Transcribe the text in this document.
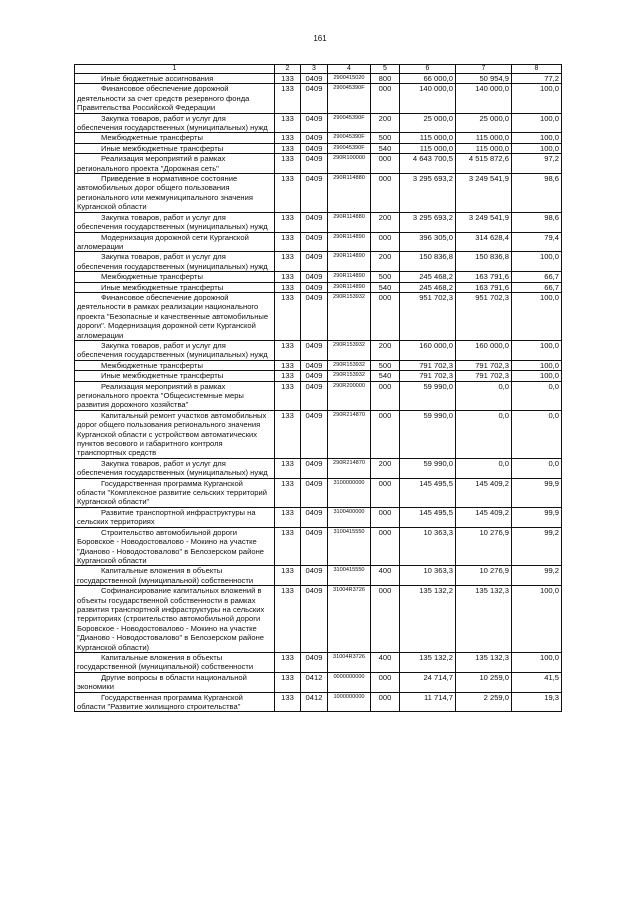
161
1	2	3	4	5	6	7	8
Иные бюджетные ассигнования	133	0409	2900415020	800	66 000,0	50 954,9	77,2
Финансовое обеспечение дорожной деятельности за счет средств резервного фонда Правительства Российской Федерации	133	0409	290045390F	000	140 000,0	140 000,0	100,0
Закупка товаров, работ и услуг для обеспечения государственных (муниципальных) нужд	133	0409	290045390F	200	25 000,0	25 000,0	100,0
Межбюджетные трансферты	133	0409	290045390F	500	115 000,0	115 000,0	100,0
Иные межбюджетные трансферты	133	0409	290045390F	540	115 000,0	115 000,0	100,0
Реализация мероприятий в рамках регионального проекта "Дорожная сеть"	133	0409	290R100000	000	4 643 700,5	4 515 872,6	97,2
Приведение в нормативное состояние автомобильных дорог общего пользования регионального или межмуниципального значения Курганской области	133	0409	290R114880	000	3 295 693,2	3 249 541,9	98,6
Закупка товаров, работ и услуг для обеспечения государственных (муниципальных) нужд	133	0409	290R114880	200	3 295 693,2	3 249 541,9	98,6
Модернизация дорожной сети Курганской агломерации	133	0409	290R114890	000	396 305,0	314 628,4	79,4
Закупка товаров, работ и услуг для обеспечения государственных (муниципальных) нужд	133	0409	290R114890	200	150 836,8	150 836,8	100,0
Межбюджетные трансферты	133	0409	290R114890	500	245 468,2	163 791,6	66,7
Иные межбюджетные трансферты	133	0409	290R114890	540	245 468,2	163 791,6	66,7
Финансовое обеспечение дорожной деятельности в рамках реализации национального проекта "Безопасные и качественные автомобильные дороги". Модернизация дорожной сети Курганской агломерации	133	0409	290R153932	000	951 702,3	951 702,3	100,0
Закупка товаров, работ и услуг для обеспечения государственных (муниципальных) нужд	133	0409	290R153932	200	160 000,0	160 000,0	100,0
Межбюджетные трансферты	133	0409	290R153932	500	791 702,3	791 702,3	100,0
Иные межбюджетные трансферты	133	0409	290R153932	540	791 702,3	791 702,3	100,0
Реализация мероприятий в рамках регионального проекта "Общесистемные меры развития дорожного хозяйства"	133	0409	290R200000	000	59 990,0	0,0	0,0
Капитальный ремонт участков автомобильных дорог общего пользования регионального значения Курганской области с устройством автоматических пунктов весового и габаритного контроля транспортных средств	133	0409	290R214870	000	59 990,0	0,0	0,0
Закупка товаров, работ и услуг для обеспечения государственных (муниципальных) нужд	133	0409	290R214870	200	59 990,0	0,0	0,0
Государственная программа Курганской области "Комплексное развитие сельских территорий Курганской области"	133	0409	3100000000	000	145 495,5	145 409,2	99,9
Развитие транспортной инфраструктуры на сельских территориях	133	0409	3100400000	000	145 495,5	145 409,2	99,9
Строительство автомобильной дороги Боровское - Новодостовалово - Мокино на участке "Дианово - Новодостовалово" в Белозерском районе Курганской области	133	0409	3100415550	000	10 363,3	10 276,9	99,2
Капитальные вложения в объекты государственной (муниципальной) собственности	133	0409	3100415550	400	10 363,3	10 276,9	99,2
Софинансирование капитальных вложений в объекты государственной собственности в рамках развития транспортной инфраструктуры на сельских территориях (строительство автомобильной дороги Боровское - Новодостовалово - Мокино на участке "Дианово - Новодостовалово" в Белозерском районе Курганской области)	133	0409	31004R3726	000	135 132,2	135 132,3	100,0
Капитальные вложения в объекты государственной (муниципальной) собственности	133	0409	31004R3726	400	135 132,2	135 132,3	100,0
Другие вопросы в области национальной экономики	133	0412	0000000000	000	24 714,7	10 259,0	41,5
Государственная программа Курганской области "Развитие жилищного строительства"	133	0412	1000000000	000	11 714,7	2 259,0	19,3
